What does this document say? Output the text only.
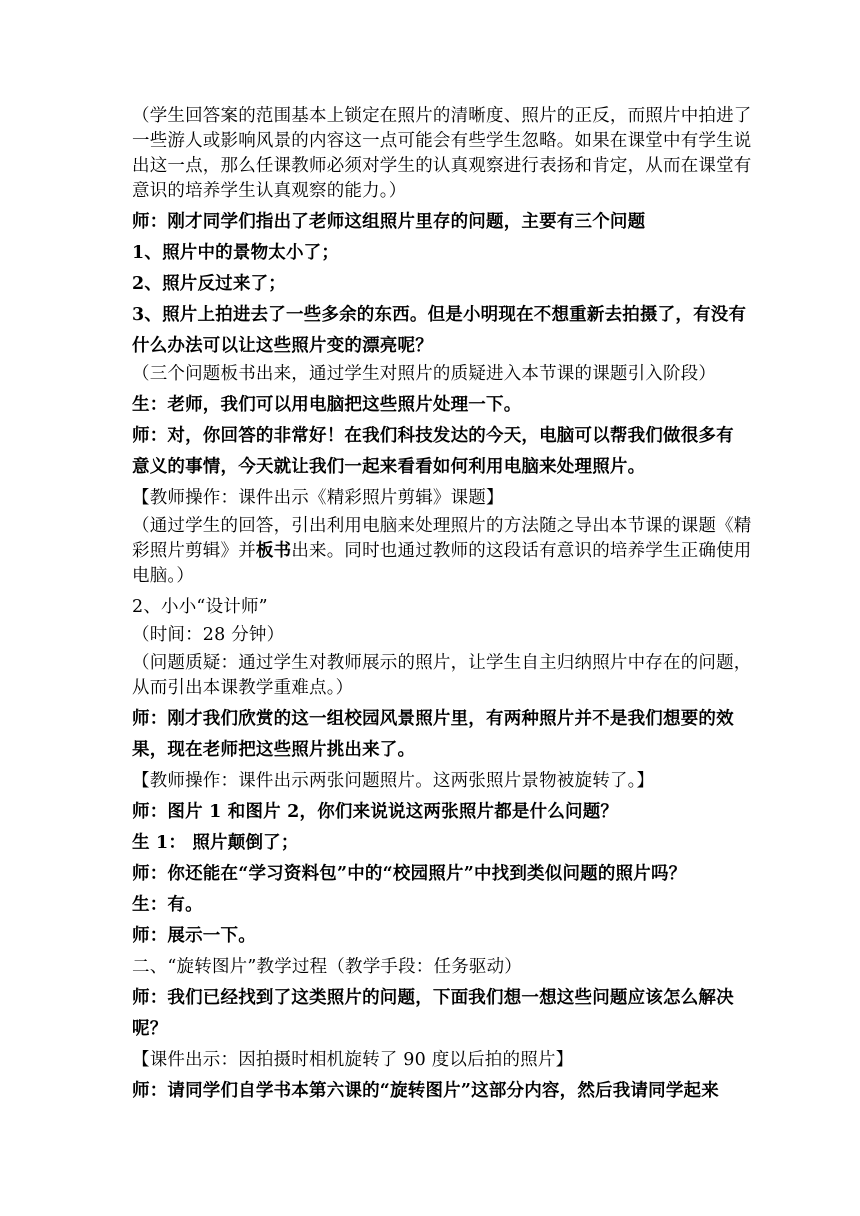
（学生回答案的范围基本上锁定在照片的清晰度、照片的正反，而照片中拍进了

一些游人或影响风景的内容这一点可能会有些学生忽略。如果在课堂中有学生说

出这一点，那么任课教师必须对学生的认真观察进行表扬和肯定，从而在课堂有

意识的培养学生认真观察的能力。）

师：刚才同学们指出了老师这组照片里存的问题，主要有三个问题

1、照片中的景物太小了；

2、照片反过来了；

3、照片上拍进去了一些多余的东西。但是小明现在不想重新去拍摄了，有没有

什么办法可以让这些照片变的漂亮呢？

（三个问题板书出来，通过学生对照片的质疑进入本节课的课题引入阶段）

生：老师，我们可以用电脑把这些照片处理一下。

师：对，你回答的非常好！在我们科技发达的今天，电脑可以帮我们做很多有

意义的事情，今天就让我们一起来看看如何利用电脑来处理照片。

【教师操作：课件出示《精彩照片剪辑》课题】

（通过学生的回答，引出利用电脑来处理照片的方法随之导出本节课的课题《精

彩照片剪辑》并板书出来。同时也通过教师的这段话有意识的培养学生正确使用

电脑。）

2、小小“设计师”

（时间：28 分钟）

（问题质疑：通过学生对教师展示的照片，让学生自主归纳照片中存在的问题，

从而引出本课教学重难点。）

师：刚才我们欣赏的这一组校园风景照片里，有两种照片并不是我们想要的效

果，现在老师把这些照片挑出来了。

【教师操作：课件出示两张问题照片。这两张照片景物被旋转了。】

师：图片 1 和图片 2，你们来说说这两张照片都是什么问题？

生 1： 照片颠倒了；

师：你还能在“学习资料包”中的“校园照片”中找到类似问题的照片吗？

生：有。

师：展示一下。

二、“旋转图片”教学过程（教学手段：任务驱动）

师：我们已经找到了这类照片的问题，下面我们想一想这些问题应该怎么解决

呢？

【课件出示：因拍摄时相机旋转了 90 度以后拍的照片】

师：请同学们自学书本第六课的“旋转图片”这部分内容，然后我请同学起来
